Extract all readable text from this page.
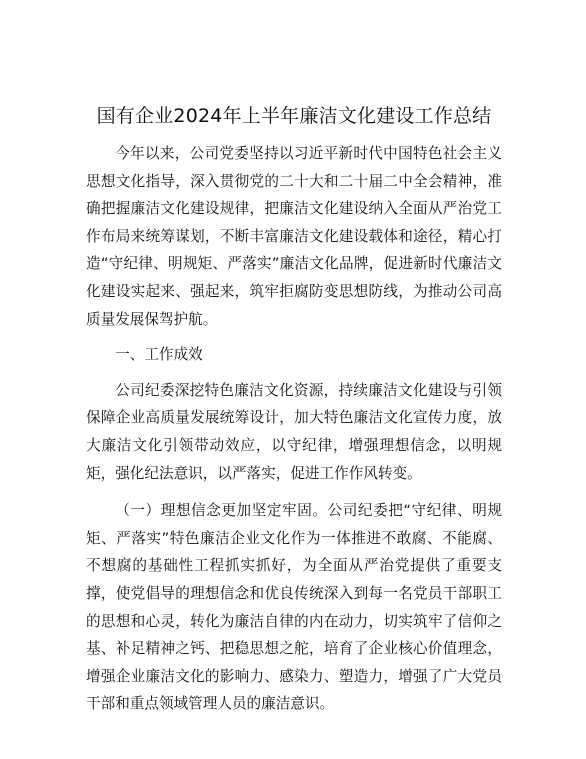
国有企业2024年上半年廉洁文化建设工作总结

今年以来，公司党委坚持以习近平新时代中国特色社会主义思想文化指导，深入贯彻党的二十大和二十届二中全会精神，准确把握廉洁文化建设规律，把廉洁文化建设纳入全面从严治党工作布局来统筹谋划，不断丰富廉洁文化建设载体和途径，精心打造“守纪律、明规矩、严落实”廉洁文化品牌，促进新时代廉洁文化建设实起来、强起来，筑牢拒腐防变思想防线，为推动公司高质量发展保驾护航。

一、工作成效

公司纪委深挖特色廉洁文化资源，持续廉洁文化建设与引领保障企业高质量发展统筹设计，加大特色廉洁文化宣传力度，放大廉洁文化引领带动效应，以守纪律，增强理想信念，以明规矩，强化纪法意识，以严落实，促进工作作风转变。

（一）理想信念更加坚定牢固。公司纪委把“守纪律、明规矩、严落实”特色廉洁企业文化作为一体推进不敢腐、不能腐、不想腐的基础性工程抓实抓好，为全面从严治党提供了重要支撑，使党倡导的理想信念和优良传统深入到每一名党员干部职工的思想和心灵，转化为廉洁自律的内在动力，切实筑牢了信仰之基、补足精神之钙、把稳思想之舵，培育了企业核心价值理念，增强企业廉洁文化的影响力、感染力、塑造力，增强了广大党员干部和重点领域管理人员的廉洁意识。
